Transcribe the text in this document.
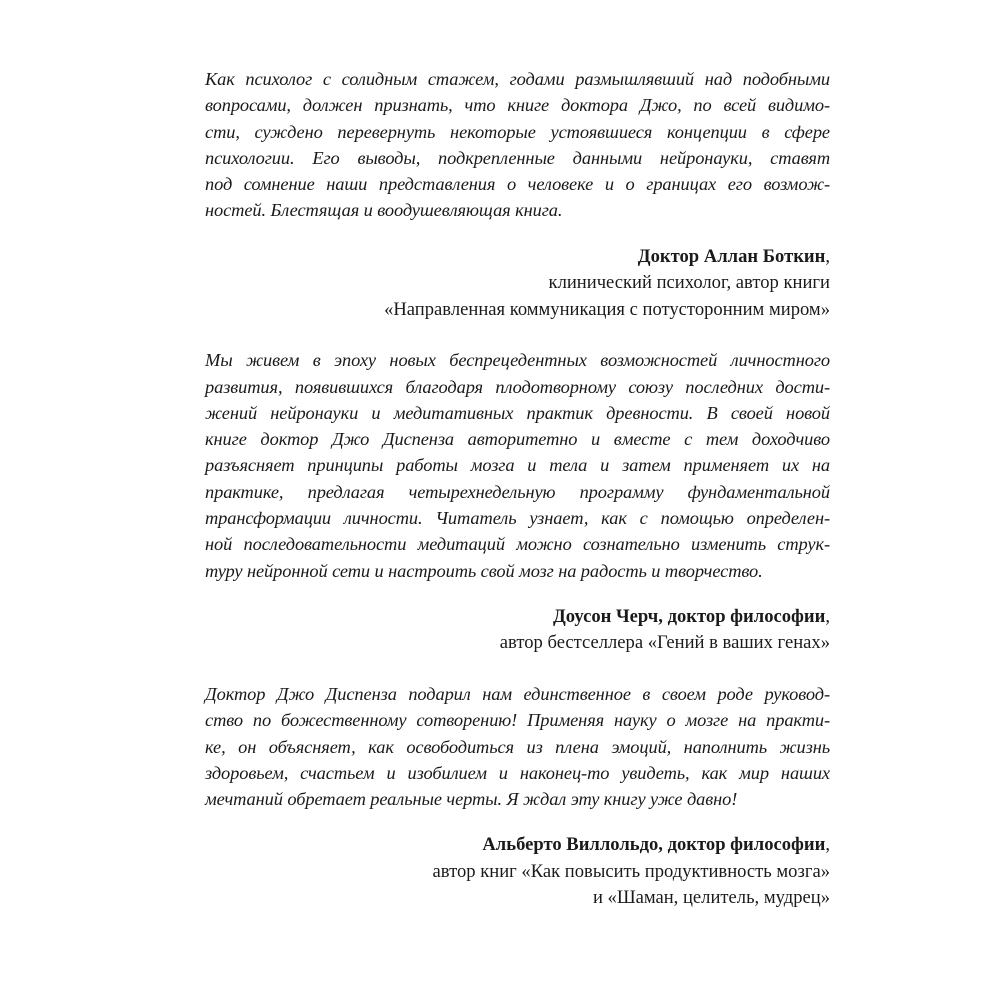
Как психолог с солидным стажем, годами размышлявший над подобными
вопросами, должен признать, что книге доктора Джо, по всей видимо-
сти, суждено перевернуть некоторые устоявшиеся концепции в сфере
психологии. Его выводы, подкрепленные данными нейронауки, ставят
под сомнение наши представления о человеке и о границах его возмож-
ностей. Блестящая и воодушевляющая книга.
Доктор Аллан Боткин,
клинический психолог, автор книги
«Направленная коммуникация с потусторонним миром»
Мы живем в эпоху новых беспрецедентных возможностей личностного
развития, появившихся благодаря плодотворному союзу последних дости-
жений нейронауки и медитативных практик древности. В своей новой
книге доктор Джо Диспенза авторитетно и вместе с тем доходчиво
разъясняет принципы работы мозга и тела и затем применяет их на
практике, предлагая четырехнедельную программу фундаментальной
трансформации личности. Читатель узнает, как с помощью определен-
ной последовательности медитаций можно сознательно изменить струк-
туру нейронной сети и настроить свой мозг на радость и творчество.
Доусон Черч, доктор философии,
автор бестселлера «Гений в ваших генах»
Доктор Джо Диспенза подарил нам единственное в своем роде руковод-
ство по божественному сотворению! Применяя науку о мозге на практи-
ке, он объясняет, как освободиться из плена эмоций, наполнить жизнь
здоровьем, счастьем и изобилием и наконец-то увидеть, как мир наших
мечтаний обретает реальные черты. Я ждал эту книгу уже давно!
Альберто Виллольдо, доктор философии,
автор книг «Как повысить продуктивность мозга»
и «Шаман, целитель, мудрец»
